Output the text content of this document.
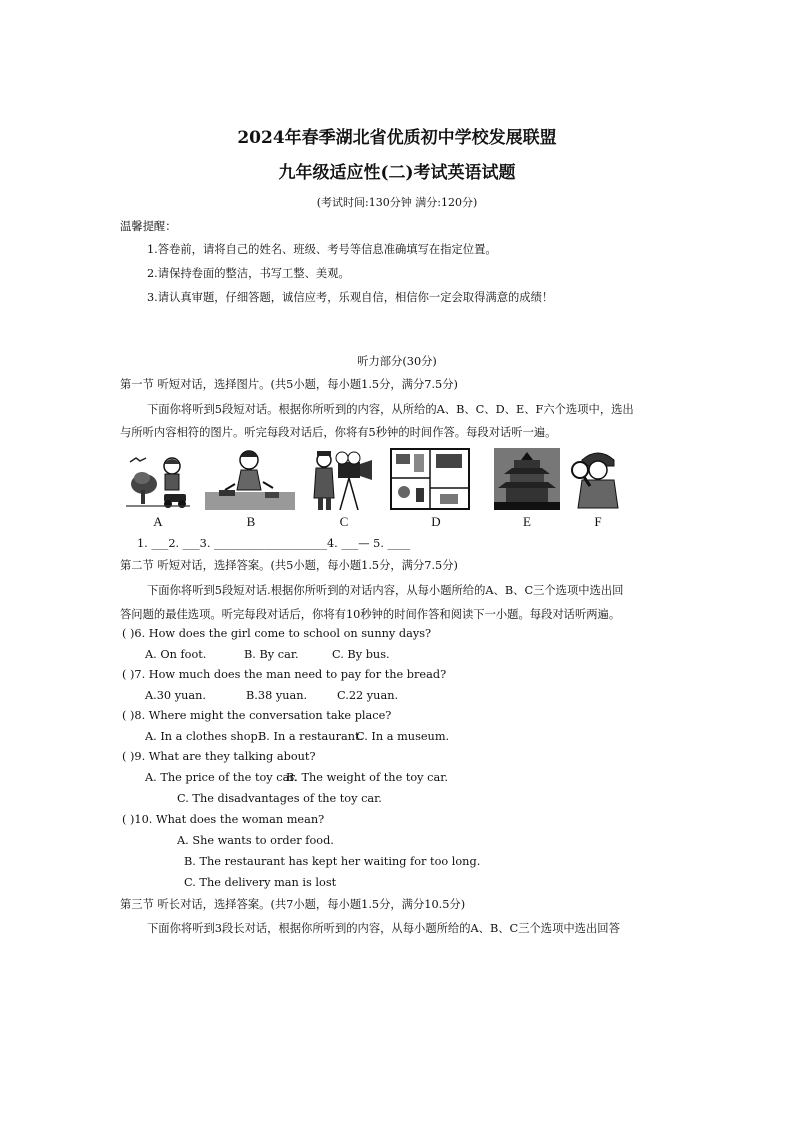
2024年春季湖北省优质初中学校发展联盟
九年级适应性(二)考试英语试题
(考试时间:130分钟 满分:120分)
温馨提醒：
1.答卷前，请将自己的姓名、班级、考号等信息准确填写在指定位置。
2.请保持卷面的整洁，书写工整、美观。
3.请认真审题，仔细答题，诚信应考，乐观自信，相信你一定会取得满意的成绩！
听力部分(30分)
第一节 听短对话，选择图片。(共5小题，每小题1.5分，满分7.5分)
下面你将听到5段短对话。根据你所听到的内容，从所给的A、B、C、D、E、F六个选项中，选出
与所听内容相符的图片。听完每段对话后，你将有5秒钟的时间作答。每段对话听一遍。
A	B	C	D	E	F
1. ___2. ___3. ____________________4. ___— 5. ____
第二节 听短对话，选择答案。(共5小题，每小题1.5分，满分7.5分)
下面你将听到5段短对话.根据你所听到的对话内容，从每小题所给的A、B、C三个选项中选出回
答问题的最佳选项。听完每段对话后，你将有10秒钟的时间作答和阅读下一小题。每段对话听两遍。
( )6. How does the girl come to school on sunny days?
A. On foot.	B. By car.	C. By bus.
( )7. How much does the man need to pay for the bread?
A.30 yuan.	B.38 yuan.	C.22 yuan.
( )8. Where might the conversation take place?
A. In a clothes shop.
B. In a restaurant.
C. In a museum.
( )9. What are they talking about?
A. The price of the toy car.
B. The weight of the toy car.
C. The disadvantages of the toy car.
( )10. What does the woman mean?
A. She wants to order food.
B. The restaurant has kept her waiting for too long.
C. The delivery man is lost
第三节 听长对话，选择答案。(共7小题，每小题1.5分，满分10.5分)
下面你将听到3段长对话，根据你所听到的内容，从每小题所给的A、B、C三个选项中选出回答
